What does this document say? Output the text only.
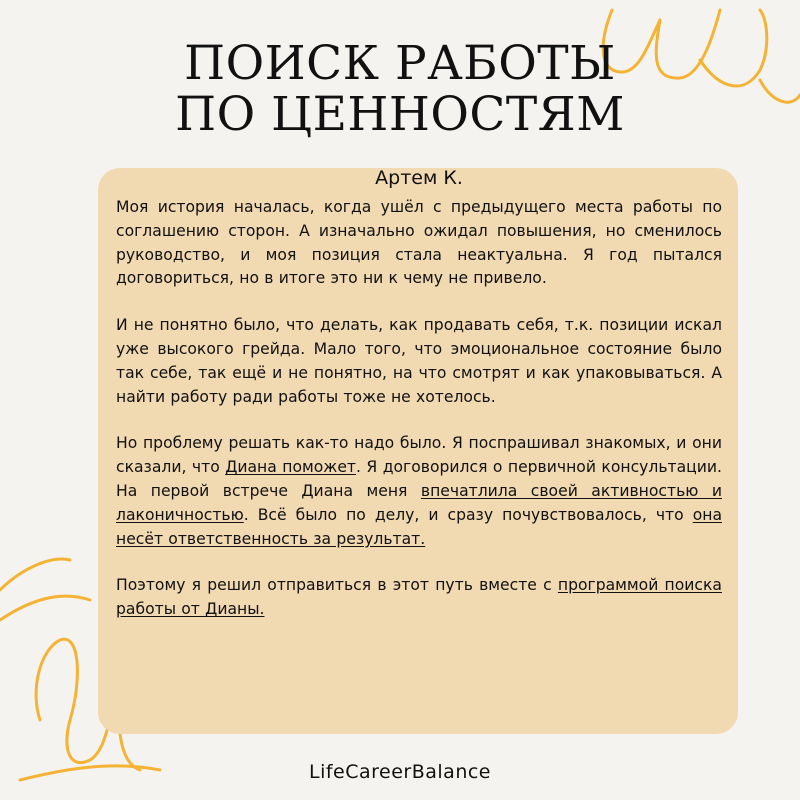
ПОИСК РАБОТЫ
ПО ЦЕННОСТЯМ
Артем К.

Моя история началась, когда ушёл с предыдущего места работы по соглашению сторон. А изначально ожидал повышения, но сменилось руководство, и моя позиция стала неактуальна. Я год пытался договориться, но в итоге это ни к чему не привело.

И не понятно было, что делать, как продавать себя, т.к. позиции искал уже высокого грейда. Мало того, что эмоциональное состояние было так себе, так ещё и не понятно, на что смотрят и как упаковываться. А найти работу ради работы тоже не хотелось.

Но проблему решать как-то надо было. Я поспрашивал знакомых, и они сказали, что Диана поможет. Я договорился о первичной консультации. На первой встрече Диана меня впечатлила своей активностью и лаконичностью. Всё было по делу, и сразу почувствовалось, что она несёт ответственность за результат.

Поэтому я решил отправиться в этот путь вместе с программой поиска работы от Дианы.

LifeCareerBalance
